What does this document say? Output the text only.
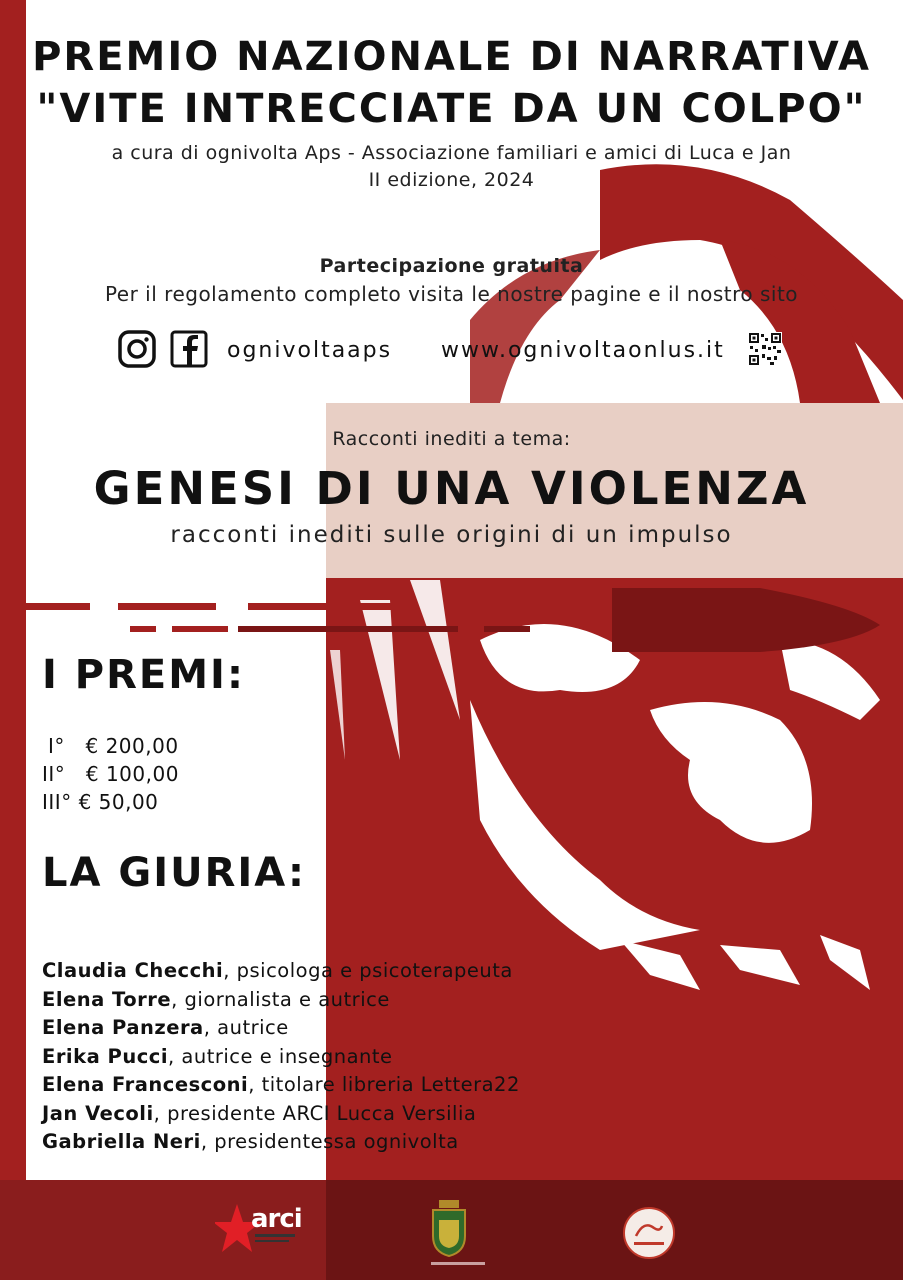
PREMIO NAZIONALE DI NARRATIVA
"VITE INTRECCIATE DA UN COLPO"
a cura di ognivolta Aps - Associazione familiari e amici di Luca e Jan
II edizione, 2024
Partecipazione gratuita
Per il regolamento completo visita le nostre pagine e il nostro sito
ognivoltaaps www.ognivoltaonlus.it
Racconti inediti a tema:
GENESI DI UNA VIOLENZA
racconti inediti sulle origini di un impulso
I PREMI:
I° € 200,00
II° € 100,00
III° € 50,00
LA GIURIA:
Claudia Checchi, psicologa e psicoterapeuta
Elena Torre, giornalista e autrice
Elena Panzera, autrice
Erika Pucci, autrice e insegnante
Elena Francesconi, titolare libreria Lettera22
Jan Vecoli, presidente ARCI Lucca Versilia
Gabriella Neri, presidentessa ognivolta
arci
